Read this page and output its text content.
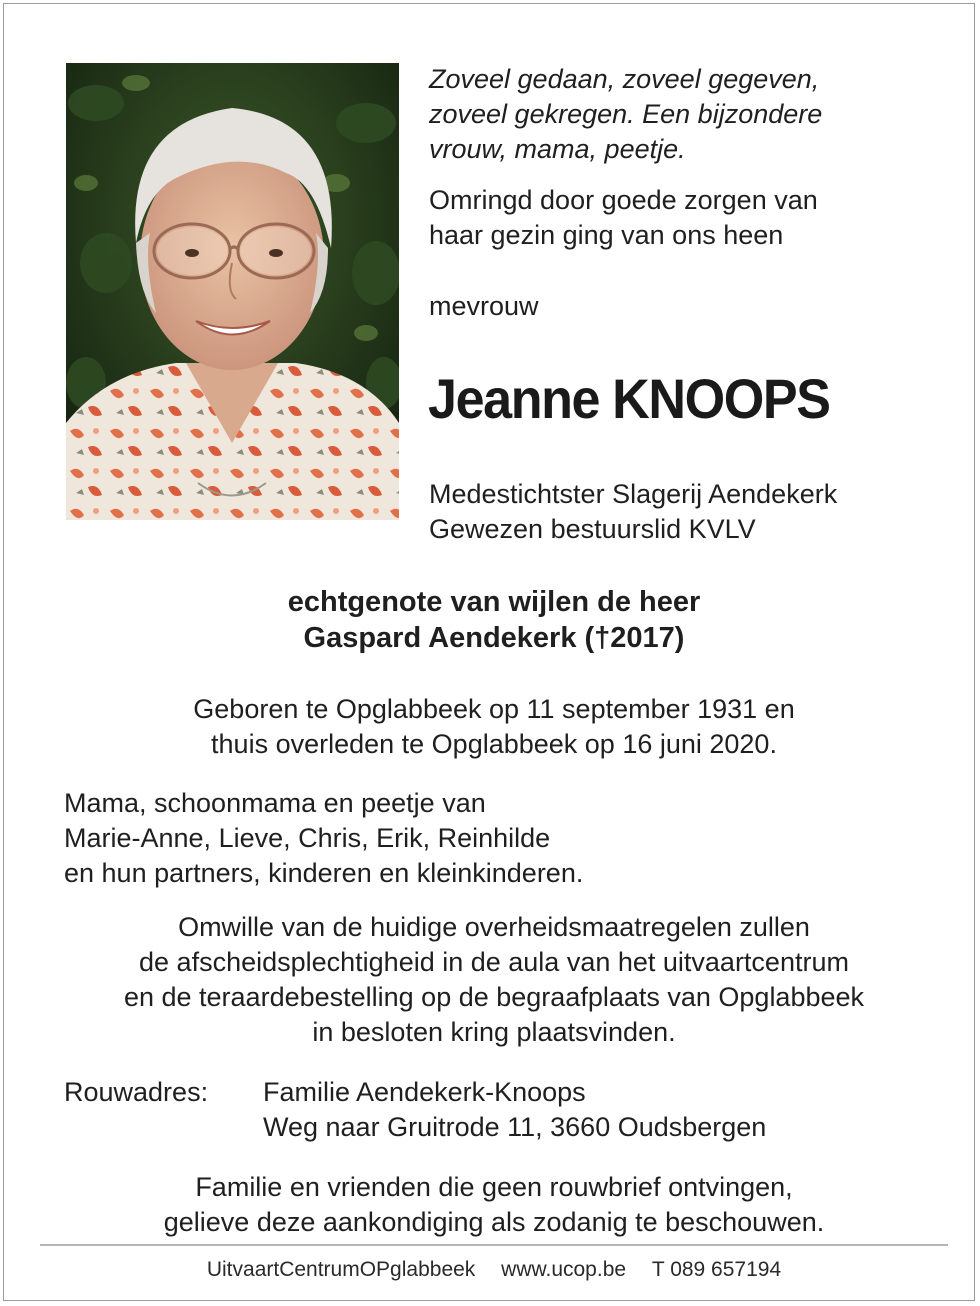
Zoveel gedaan, zoveel gegeven,
zoveel gekregen. Een bijzondere
vrouw, mama, peetje.
Omringd door goede zorgen van
haar gezin ging van ons heen
mevrouw
Jeanne KNOOPS
Medestichtster Slagerij Aendekerk
Gewezen bestuurslid KVLV
echtgenote van wijlen de heer
Gaspard Aendekerk (†2017)
Geboren te Opglabbeek op 11 september 1931 en
thuis overleden te Opglabbeek op 16 juni 2020.
Mama, schoonmama en peetje van
Marie-Anne, Lieve, Chris, Erik, Reinhilde
en hun partners, kinderen en kleinkinderen.
Omwille van de huidige overheidsmaatregelen zullen
de afscheidsplechtigheid in de aula van het uitvaartcentrum
en de teraardebestelling op de begraafplaats van Opglabbeek
in besloten kring plaatsvinden.
Rouwadres: Familie Aendekerk-Knoops
Weg naar Gruitrode 11, 3660 Oudsbergen
Familie en vrienden die geen rouwbrief ontvingen,
gelieve deze aankondiging als zodanig te beschouwen.
UitvaartCentrumOPglabbeek www.ucop.be T 089 657194
